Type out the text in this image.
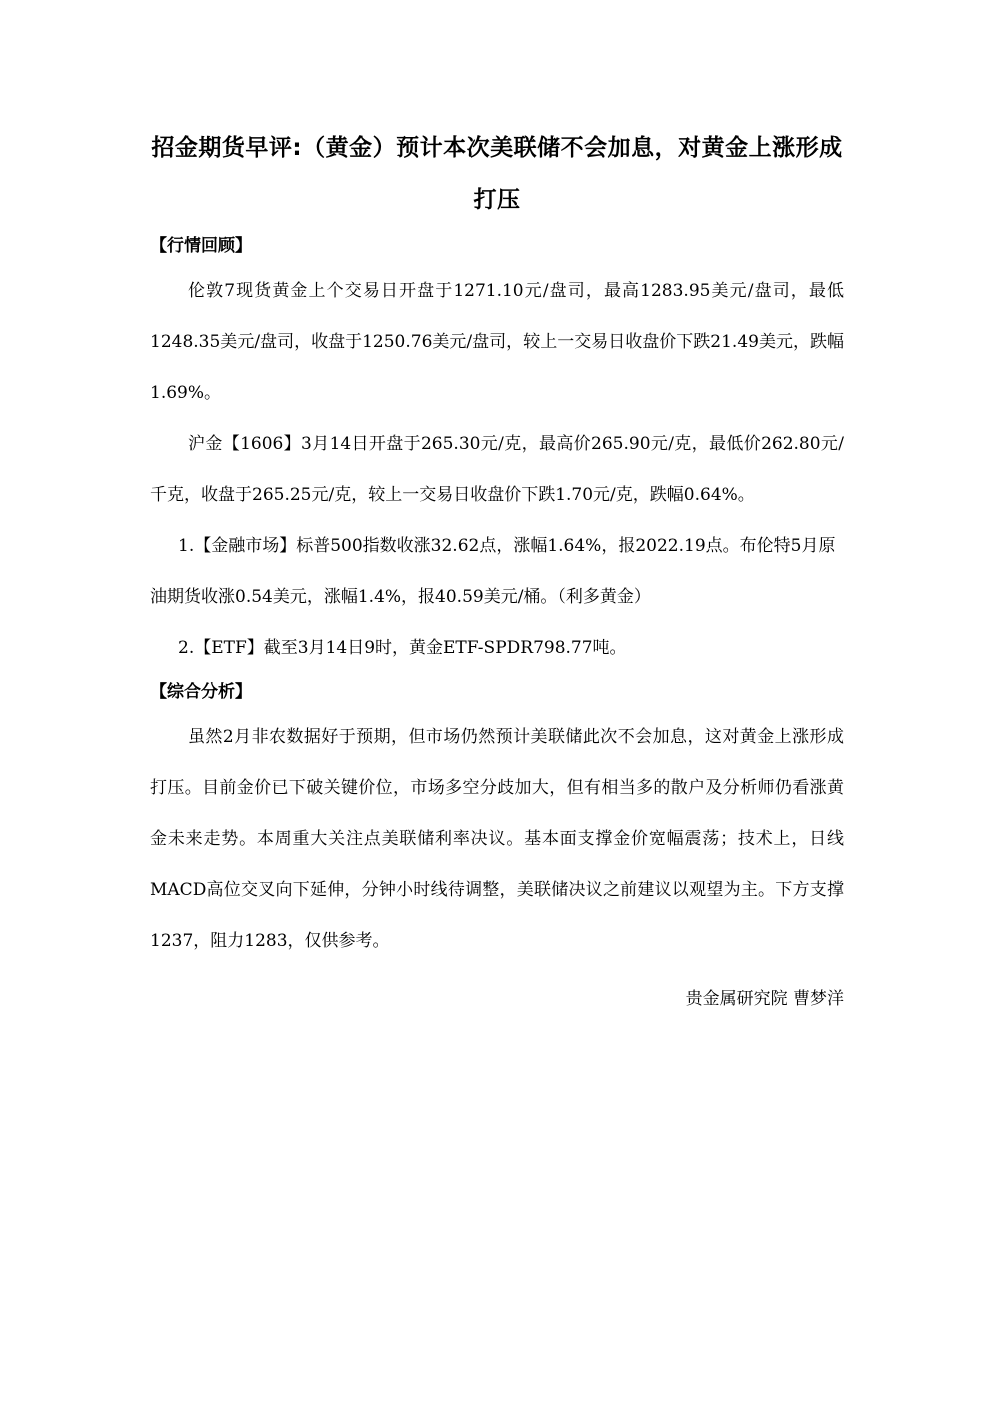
招金期货早评:（黄金）预计本次美联储不会加息，对黄金上涨形成打压
【行情回顾】

伦敦7现货黄金上个交易日开盘于1271.10元/盘司，最高1283.95美元/盘司，最低1248.35美元/盘司，收盘于1250.76美元/盘司，较上一交易日收盘价下跌21.49美元，跌幅1.69%。

沪金【1606】3月14日开盘于265.30元/克，最高价265.90元/克，最低价262.80元/千克，收盘于265.25元/克，较上一交易日收盘价下跌1.70元/克，跌幅0.64%。

1.【金融市场】标普500指数收涨32.62点，涨幅1.64%，报2022.19点。布伦特5月原油期货收涨0.54美元，涨幅1.4%，报40.59美元/桶。（利多黄金）

2.【ETF】截至3月14日9时，黄金ETF-SPDR798.77吨。

【综合分析】

虽然2月非农数据好于预期，但市场仍然预计美联储此次不会加息，这对黄金上涨形成打压。目前金价已下破关键价位，市场多空分歧加大，但有相当多的散户及分析师仍看涨黄金未来走势。本周重大关注点美联储利率决议。基本面支撑金价宽幅震荡；技术上，日线MACD高位交叉向下延伸，分钟小时线待调整，美联储决议之前建议以观望为主。下方支撑1237，阻力1283，仅供参考。

贵金属研究院 曹梦洋
